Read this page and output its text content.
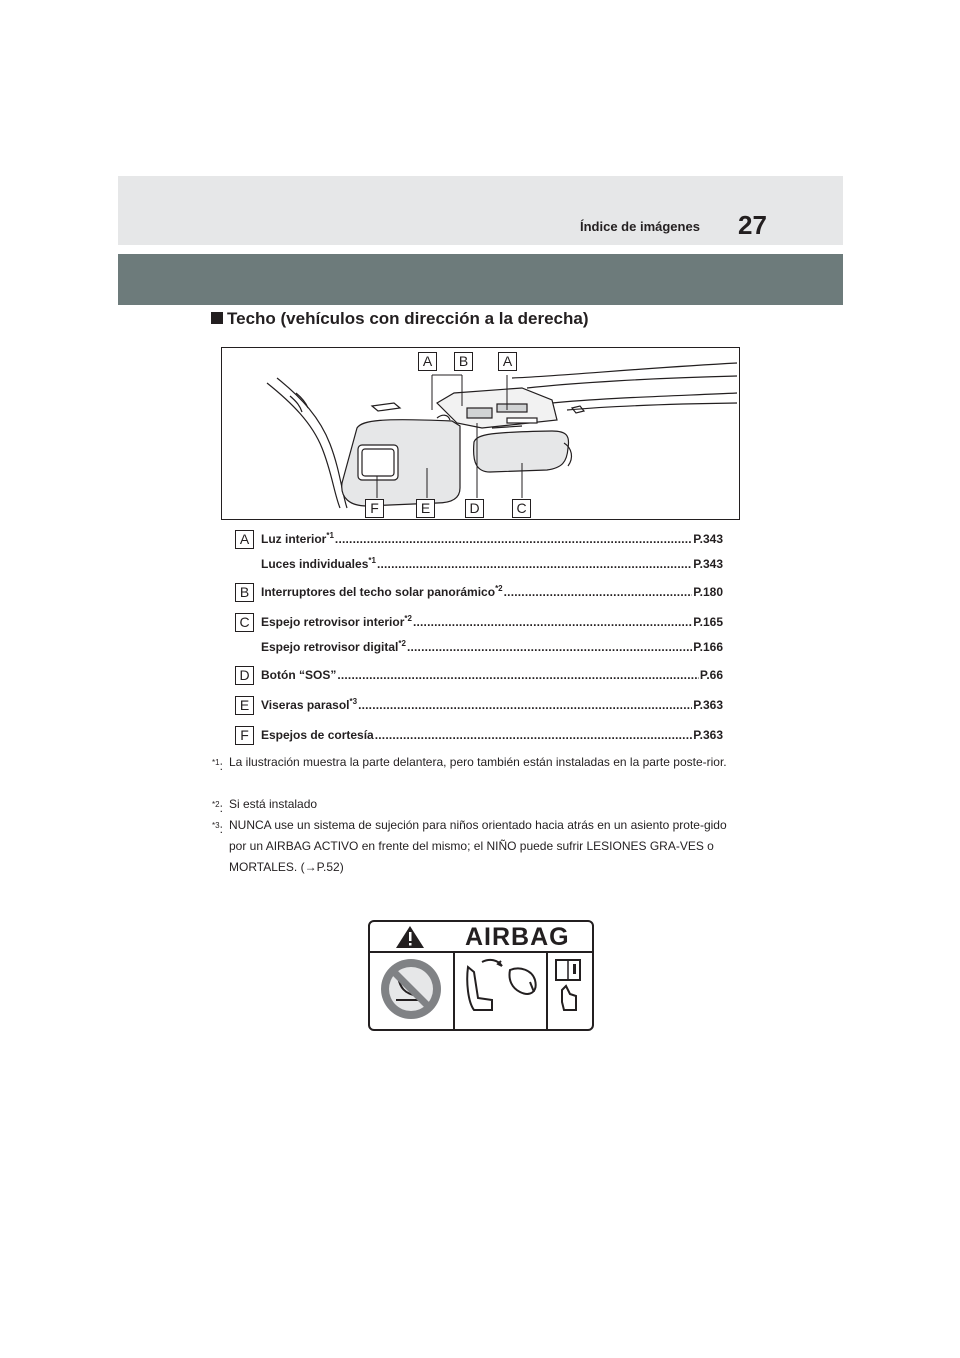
27
Índice de imágenes
Techo (vehículos con dirección a la derecha)
A	B	A
F	E	D	C
A Luz interior$^{*1}$ .....	P.343
Luces individuales$^{*1}$ .....	P.343
B Interruptores del techo solar panorámico$^{*2}$ .....	P.180
C Espejo retrovisor interior$^{*2}$ .....	P.165
Espejo retrovisor digital$^{*2}$ .....	P.166
D Botón “SOS” .....	P.66
E Viseras parasol$^{*3}$ .....	P.363
F	Espejos de cortesía .....	P.363
$^{*1}$: La ilustración muestra la parte delantera, pero también están instaladas en la parte poste-rior.
$^{*2}$: Si está instalado
$^{*3}$: NUNCA use un sistema de sujeción para niños orientado hacia atrás en un asiento prote-gido por un AIRBAG ACTIVO en frente del mismo; el NIÑO puede sufrir LESIONES GRA-VES o MORTALES. (→P.52)
AIRBAG
